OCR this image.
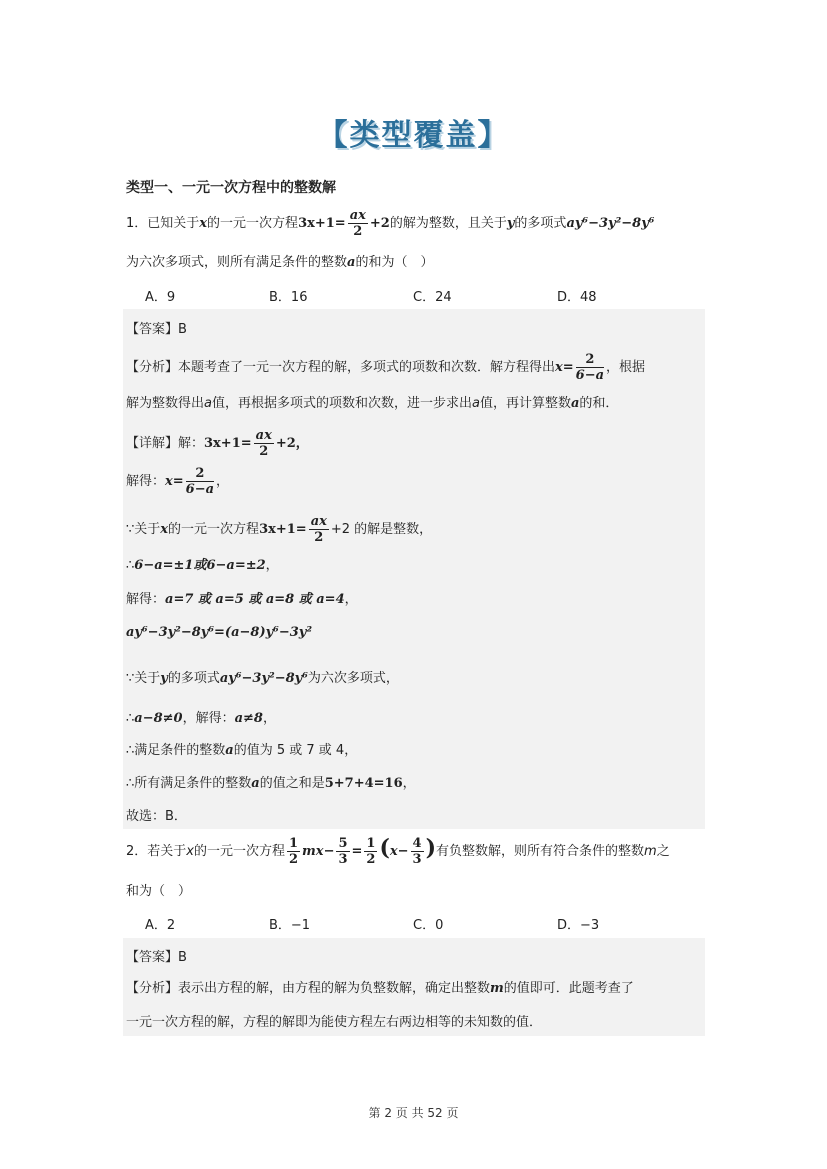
【类型覆盖】
类型一、一元一次方程中的整数解
1．已知关于x的一元一次方程$3x+1= \frac{ax}{2} +2$的解为整数，且关于y的多项式ay⁶−3y²−8y⁶
为六次多项式，则所有满足条件的整数a的和为（　）
A．9	B．16	C．24	D．48
【答案】B
【分析】本题考查了一元一次方程的解，多项式的项数和次数．解方程得出$x= \frac{2}{6-a}$ ，根据
解为整数得出a值，再根据多项式的项数和次数，进一步求出a值，再计算整数a的和．
【详解】解：$3x+1= \frac{ax}{2} +2$，
解得：$x= \frac{2}{6-a}$ ，
∵关于x的一元一次方程$3x+1= \frac{ax}{2} +2$ 的解是整数，
∴6−a=±1或6−a=±2，
解得：a=7 或 a=5 或 a=8 或 a=4，
ay⁶−3y²−8y⁶=(a−8)y⁶−3y²
∵关于y的多项式ay⁶−3y²−8y⁶为六次多项式，
∴a−8≠0，解得：a≠8，
∴满足条件的整数a的值为 5 或 7 或 4，
∴所有满足条件的整数a的值之和是5+7+4=16，
故选：B．
2．若关于x的一元一次方程 $\frac{1}{2} mx- \frac{5}{3} = \frac{1}{2} (x- \frac{4}{3}$ )有负整数解，则所有符合条件的整数m之
和为（　）
A．2	B．−1	C．0	D．−3
【答案】B
【分析】表示出方程的解，由方程的解为负整数解，确定出整数m的值即可．此题考查了
一元一次方程的解，方程的解即为能使方程左右两边相等的未知数的值．
第 2 页 共 52 页
